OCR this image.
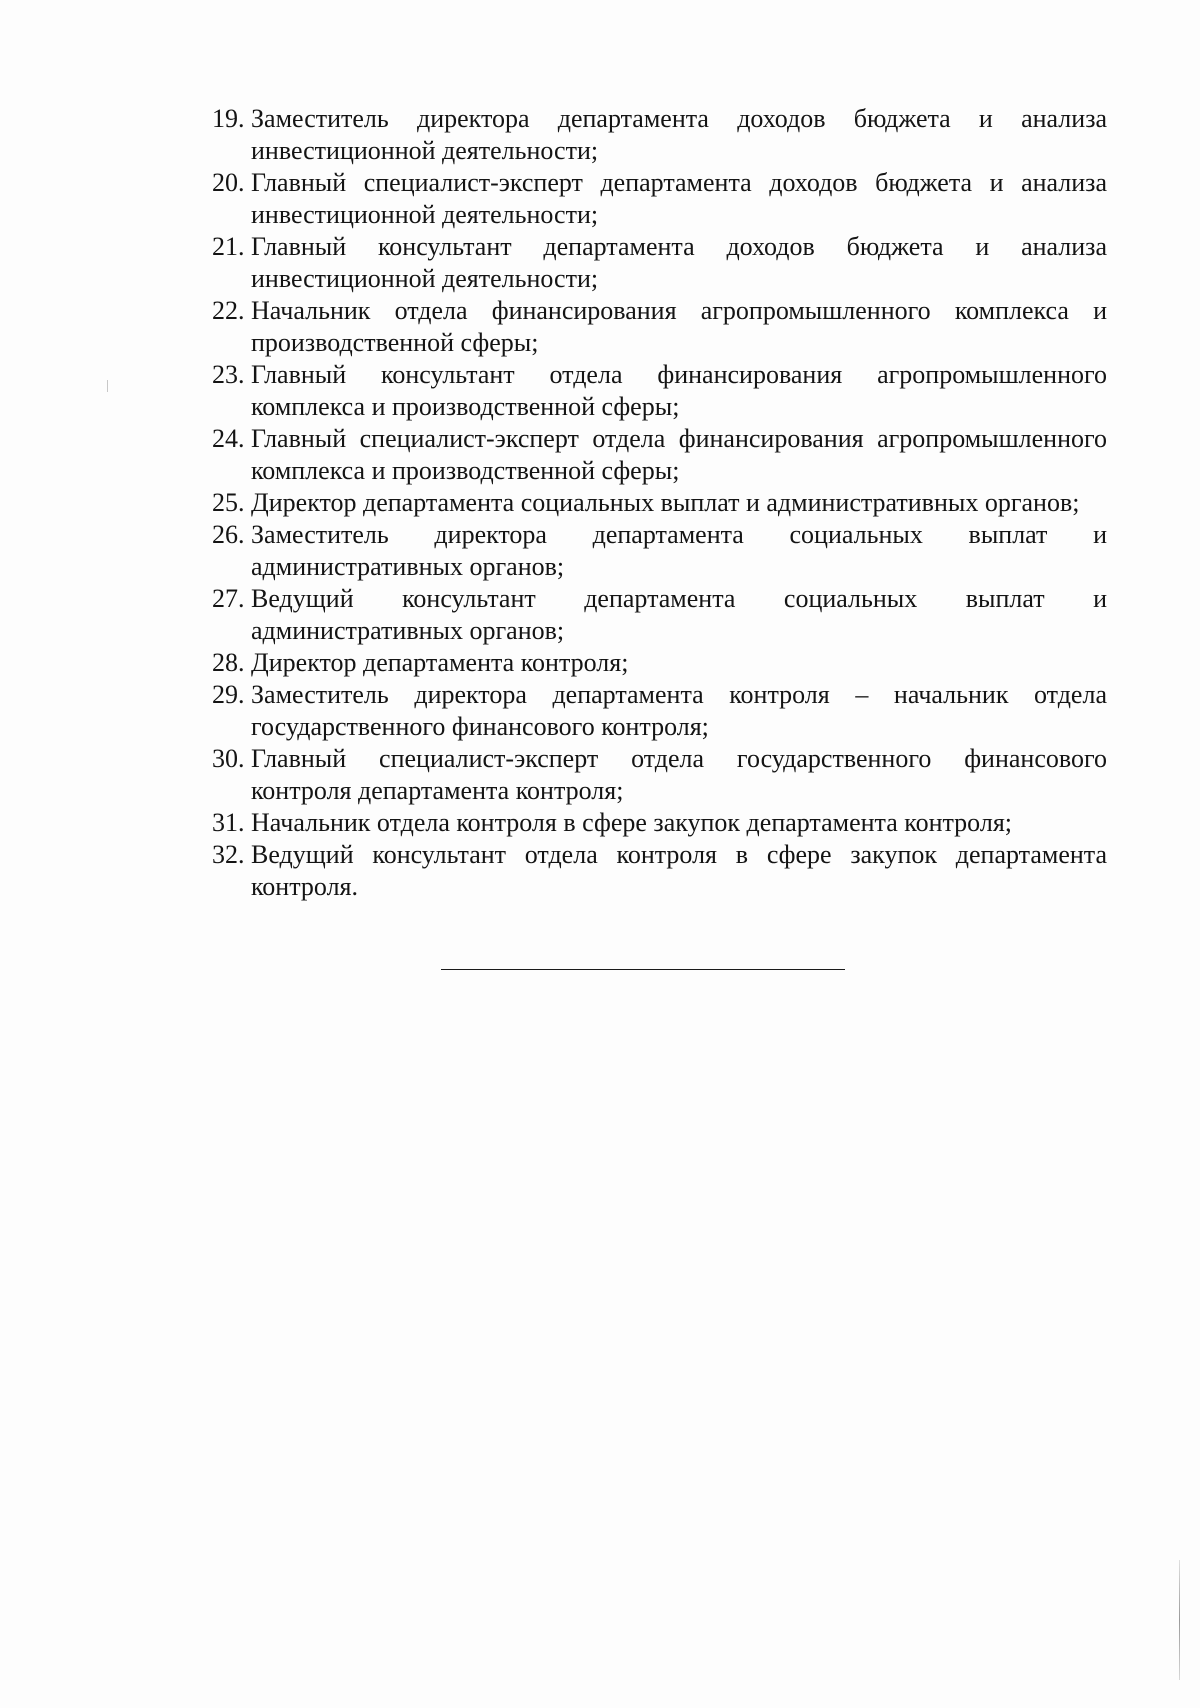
19. Заместитель директора департамента доходов бюджета и анализа инвестиционной деятельности;
20. Главный специалист-эксперт департамента доходов бюджета и анализа инвестиционной деятельности;
21. Главный консультант департамента доходов бюджета и анализа инвестиционной деятельности;
22. Начальник отдела финансирования агропромышленного комплекса и производственной сферы;
23. Главный консультант отдела финансирования агропромышленного комплекса и производственной сферы;
24. Главный специалист-эксперт отдела финансирования агропромышленного комплекса и производственной сферы;
25. Директор департамента социальных выплат и административных органов;
26. Заместитель директора департамента социальных выплат и административных органов;
27. Ведущий консультант департамента социальных выплат и административных органов;
28. Директор департамента контроля;
29. Заместитель директора департамента контроля – начальник отдела государственного финансового контроля;
30. Главный специалист-эксперт отдела государственного финансового контроля департамента контроля;
31. Начальник отдела контроля в сфере закупок департамента контроля;
32. Ведущий консультант отдела контроля в сфере закупок департамента контроля.
